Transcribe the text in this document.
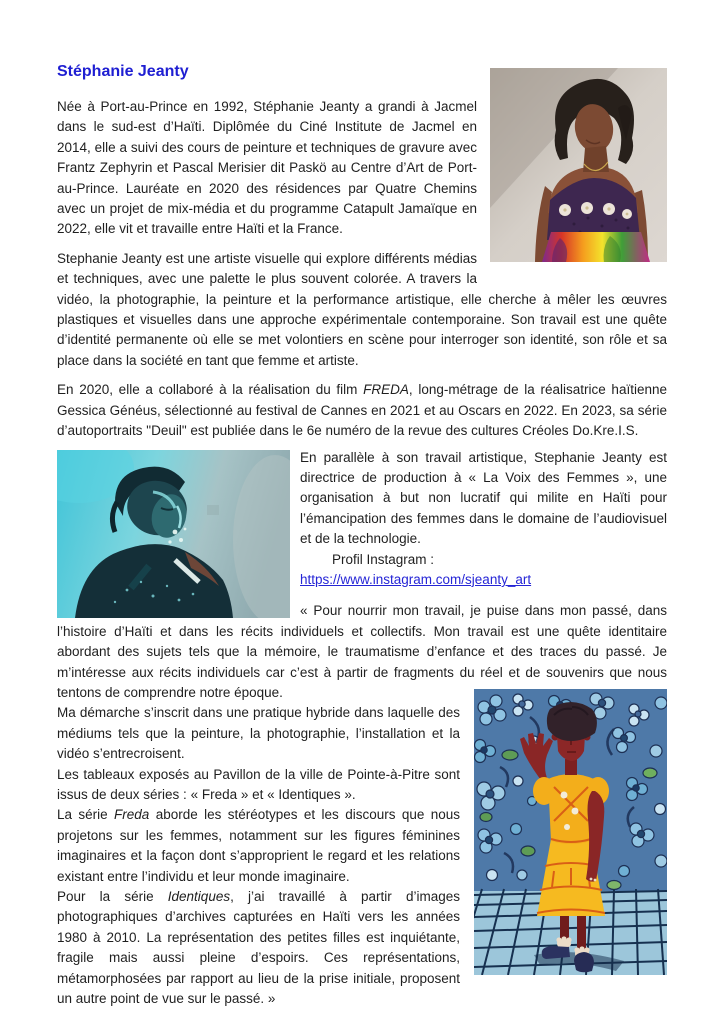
Stéphanie Jeanty

Née à Port-au-Prince en 1992, Stéphanie Jeanty a grandi à Jacmel dans le sud-est d’Haïti. Diplômée du Ciné Institute de Jacmel en 2014, elle a suivi des cours de peinture et techniques de gravure avec Frantz Zephyrin et Pascal Merisier dit Paskö au Centre d’Art de Port-au-Prince. Lauréate en 2020 des résidences par Quatre Chemins avec un projet de mix-média et du programme Catapult Jamaïque en 2022, elle vit et travaille entre Haïti et la France.

Stephanie Jeanty est une artiste visuelle qui explore différents médias et techniques, avec une palette le plus souvent colorée. A travers la vidéo, la photographie, la peinture et la performance artistique, elle cherche à mêler les œuvres plastiques et visuelles dans une approche expérimentale contemporaine. Son travail est une quête d’identité permanente où elle se met volontiers en scène pour interroger son identité, son rôle et sa place dans la société en tant que femme et artiste.

En 2020, elle a collaboré à la réalisation du film FREDA, long-métrage de la réalisatrice haïtienne Gessica Généus, sélectionné au festival de Cannes en 2021 et au Oscars en 2022. En 2023, sa série d’autoportraits "Deuil" est publiée dans le 6e numéro de la revue des cultures Créoles Do.Kre.I.S.

En parallèle à son travail artistique, Stephanie Jeanty est directrice de production à « La Voix des Femmes », une organisation à but non lucratif qui milite en Haïti pour l’émancipation des femmes dans le domaine de l’audiovisuel et de la technologie.

Profil Instagram : https://www.instagram.com/sjeanty_art

« Pour nourrir mon travail, je puise dans mon passé, dans l’histoire d’Haïti et dans les récits individuels et collectifs. Mon travail est une quête identitaire abordant des sujets tels que la mémoire, le traumatisme d’enfance et des traces du passé. Je m’intéresse aux récits individuels car c’est à partir de fragments du réel et de souvenirs que nous tentons de comprendre notre époque.

Ma démarche s’inscrit dans une pratique hybride dans laquelle des médiums tels que la peinture, la photographie, l’installation et la vidéo s’entrecroisent.

Les tableaux exposés au Pavillon de la ville de Pointe-à-Pitre sont issus de deux séries : « Freda » et « Identiques ».

La série Freda aborde les stéréotypes et les discours que nous projetons sur les femmes, notamment sur les figures féminines imaginaires et la façon dont s’approprient le regard et les relations existant entre l’individu et leur monde imaginaire.

Pour la série Identiques, j’ai travaillé à partir d’images photographiques d’archives capturées en Haïti vers les années 1980 à 2010. La représentation des petites filles est inquiétante, fragile mais aussi pleine d’espoirs. Ces représentations, métamorphosées par rapport au lieu de la prise initiale, proposent un autre point de vue sur le passé. »
